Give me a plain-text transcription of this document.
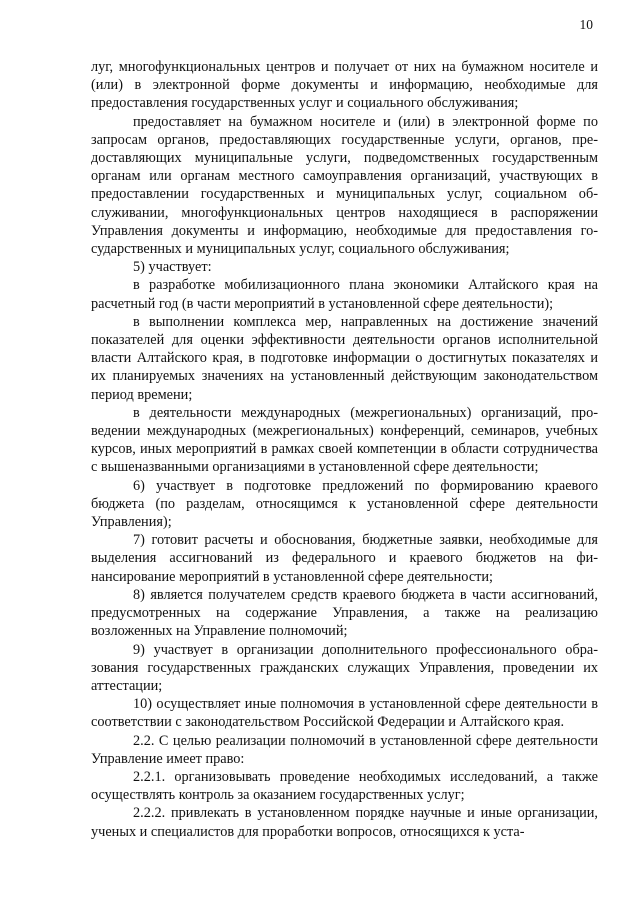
10

луг, многофункциональных центров и получает от них на бумажном носителе и (или) в электронной форме документы и информацию, необходимые для предоставления государственных услуг и социального обслуживания;

предоставляет на бумажном носителе и (или) в электронной форме по запросам органов, предоставляющих государственные услуги, органов, предоставляющих муниципальные услуги, подведомственных государственным органам или органам местного самоуправления организаций, участвующих в предоставлении государственных и муниципальных услуг, социальном обслуживании, многофункциональных центров находящиеся в распоряжении Управления документы и информацию, необходимые для предоставления государственных и муниципальных услуг, социального обслуживания;

5) участвует:

в разработке мобилизационного плана экономики Алтайского края на расчетный год (в части мероприятий в установленной сфере деятельности);

в выполнении комплекса мер, направленных на достижение значений показателей для оценки эффективности деятельности органов исполнительной власти Алтайского края, в подготовке информации о достигнутых показателях и их планируемых значениях на установленный действующим законодательством период времени;

в деятельности международных (межрегиональных) организаций, проведении международных (межрегиональных) конференций, семинаров, учебных курсов, иных мероприятий в рамках своей компетенции в области сотрудничества с вышеназванными организациями в установленной сфере деятельности;

6) участвует в подготовке предложений по формированию краевого бюджета (по разделам, относящимся к установленной сфере деятельности Управления);

7) готовит расчеты и обоснования, бюджетные заявки, необходимые для выделения ассигнований из федерального и краевого бюджетов на финансирование мероприятий в установленной сфере деятельности;

8) является получателем средств краевого бюджета в части ассигнований, предусмотренных на содержание Управления, а также на реализацию возложенных на Управление полномочий;

9) участвует в организации дополнительного профессионального образования государственных гражданских служащих Управления, проведении их аттестации;

10) осуществляет иные полномочия в установленной сфере деятельности в соответствии с законодательством Российской Федерации и Алтайского края.

2.2. С целью реализации полномочий в установленной сфере деятельности Управление имеет право:

2.2.1. организовывать проведение необходимых исследований, а также осуществлять контроль за оказанием государственных услуг;

2.2.2. привлекать в установленном порядке научные и иные организации, ученых и специалистов для проработки вопросов, относящихся к уста-
